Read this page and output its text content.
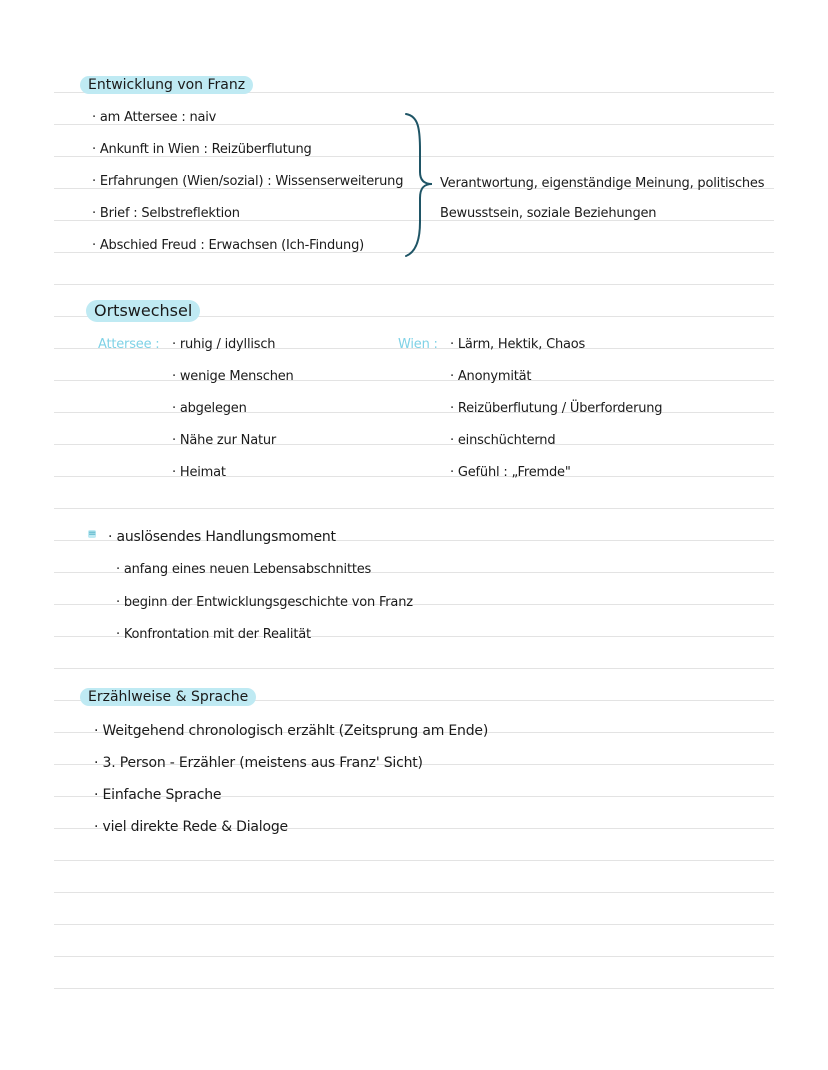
Entwicklung von Franz
· am Attersee : naiv
· Ankunft in Wien : Reizüberflutung
· Erfahrungen (Wien/sozial) : Wissenserweiterung
· Brief : Selbstreflektion
· Abschied Freud : Erwachsen (Ich-Findung)
Verantwortung, eigenständige Meinung, politisches
Bewusstsein, soziale Beziehungen
Ortswechsel
Attersee : · ruhig / idyllisch
· wenige Menschen
· abgelegen
· Nähe zur Natur
· Heimat
Wien : · Lärm, Hektik, Chaos
· Anonymität
· Reizüberflutung / Überforderung
· einschüchternd
· Gefühl : „Fremde"
= · auslösendes Handlungsmoment
· anfang eines neuen Lebensabschnittes
· beginn der Entwicklungsgeschichte von Franz
· Konfrontation mit der Realität
Erzählweise & Sprache
· Weitgehend chronologisch erzählt (Zeitsprung am Ende)
· 3. Person - Erzähler (meistens aus Franz' Sicht)
· Einfache Sprache
· viel direkte Rede & Dialoge
